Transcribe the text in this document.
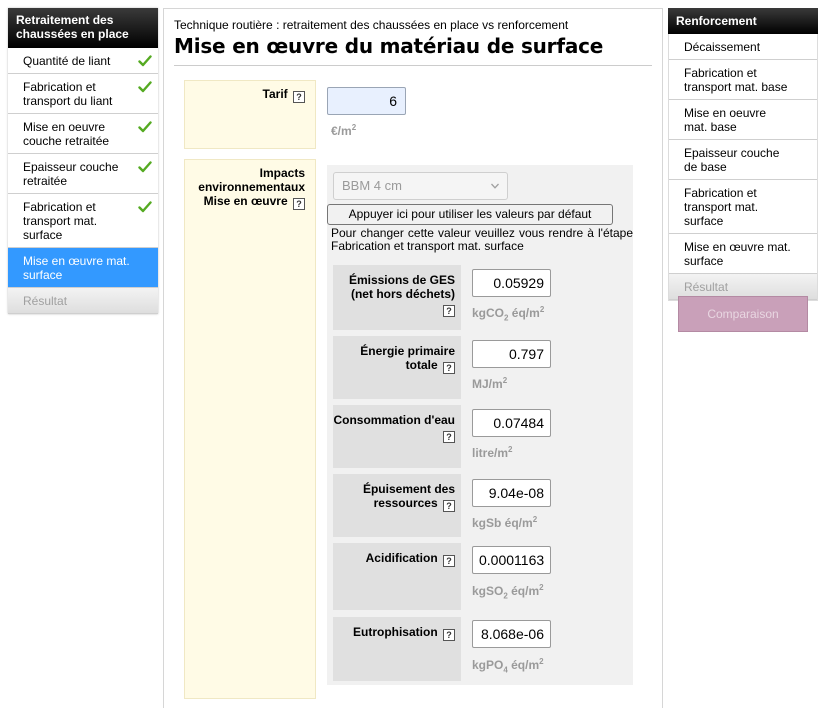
Retraitement des chaussées en place
Quantité de liant
Fabrication et transport du liant
Mise en oeuvre couche retraitée
Epaisseur couche retraitée
Fabrication et transport mat. surface
Mise en œuvre mat. surface
Résultat
Technique routière : retraitement des chaussées en place vs renforcement
Mise en œuvre du matériau de surface
Tarif ?
6
$€/m^2$
Impacts environnementaux Mise en œuvre ?
BBM 4 cm
Appuyer ici pour utiliser les valeurs par défaut
Pour changer cette valeur veuillez vous rendre à l'étape Fabrication et transport mat. surface
Émissions de GES (net hors déchets)
?
0.05929	kgCO$_2$ $éq/m^2$
Énergie primaire totale ?
0.797
$MJ/m^2$
Consommation d'eau ?
0.07484
litre/$m^2$
Épuisement des ressources ?
9.04e-08
kgSb $éq/m^2$
Acidification ?
0.0001163
kgSO$_2$ $éq/m^2$
Eutrophisation ?
8.068e-06
kgPO$_4$ $éq/m^2$
Renforcement
Décaissement
Fabrication et transport mat. base
Mise en oeuvre mat. base
Epaisseur couche de base
Fabrication et transport mat. surface
Mise en œuvre mat. surface
Résultat
Comparaison
